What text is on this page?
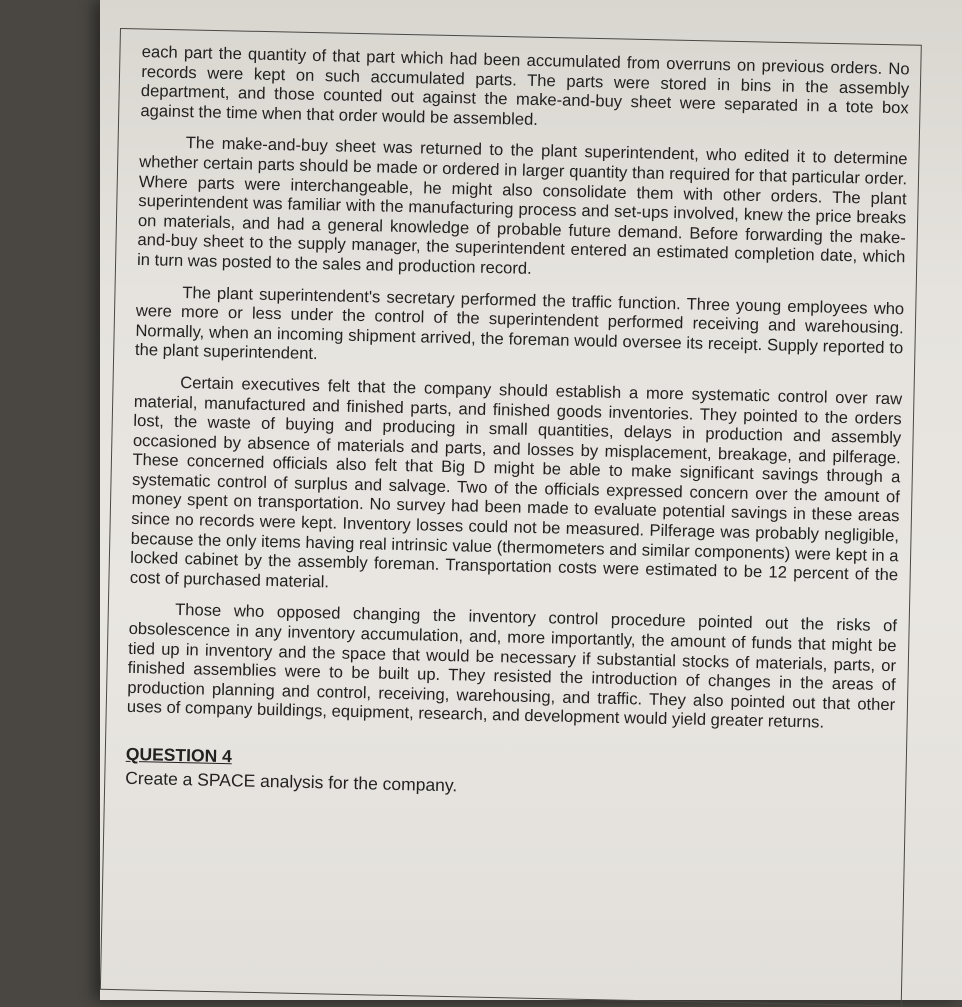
each part the quantity of that part which had been accumulated from overruns on previous orders. No records were kept on such accumulated parts. The parts were stored in bins in the assembly department, and those counted out against the make-and-buy sheet were separated in a tote box against the time when that order would be assembled.

The make-and-buy sheet was returned to the plant superintendent, who edited it to determine whether certain parts should be made or ordered in larger quantity than required for that particular order. Where parts were interchangeable, he might also consolidate them with other orders. The plant superintendent was familiar with the manufacturing process and set-ups involved, knew the price breaks on materials, and had a general knowledge of probable future demand. Before forwarding the make-and-buy sheet to the supply manager, the superintendent entered an estimated completion date, which in turn was posted to the sales and production record.

The plant superintendent's secretary performed the traffic function. Three young employees who were more or less under the control of the superintendent performed receiving and warehousing. Normally, when an incoming shipment arrived, the foreman would oversee its receipt. Supply reported to the plant superintendent.

Certain executives felt that the company should establish a more systematic control over raw material, manufactured and finished parts, and finished goods inventories. They pointed to the orders lost, the waste of buying and producing in small quantities, delays in production and assembly occasioned by absence of materials and parts, and losses by misplacement, breakage, and pilferage. These concerned officials also felt that Big D might be able to make significant savings through a systematic control of surplus and salvage. Two of the officials expressed concern over the amount of money spent on transportation. No survey had been made to evaluate potential savings in these areas since no records were kept. Inventory losses could not be measured. Pilferage was probably negligible, because the only items having real intrinsic value (thermometers and similar components) were kept in a locked cabinet by the assembly foreman. Transportation costs were estimated to be 12 percent of the cost of purchased material.

Those who opposed changing the inventory control procedure pointed out the risks of obsolescence in any inventory accumulation, and, more importantly, the amount of funds that might be tied up in inventory and the space that would be necessary if substantial stocks of materials, parts, or finished assemblies were to be built up. They resisted the introduction of changes in the areas of production planning and control, receiving, warehousing, and traffic. They also pointed out that other uses of company buildings, equipment, research, and development would yield greater returns.

QUESTION 4

Create a SPACE analysis for the company.
